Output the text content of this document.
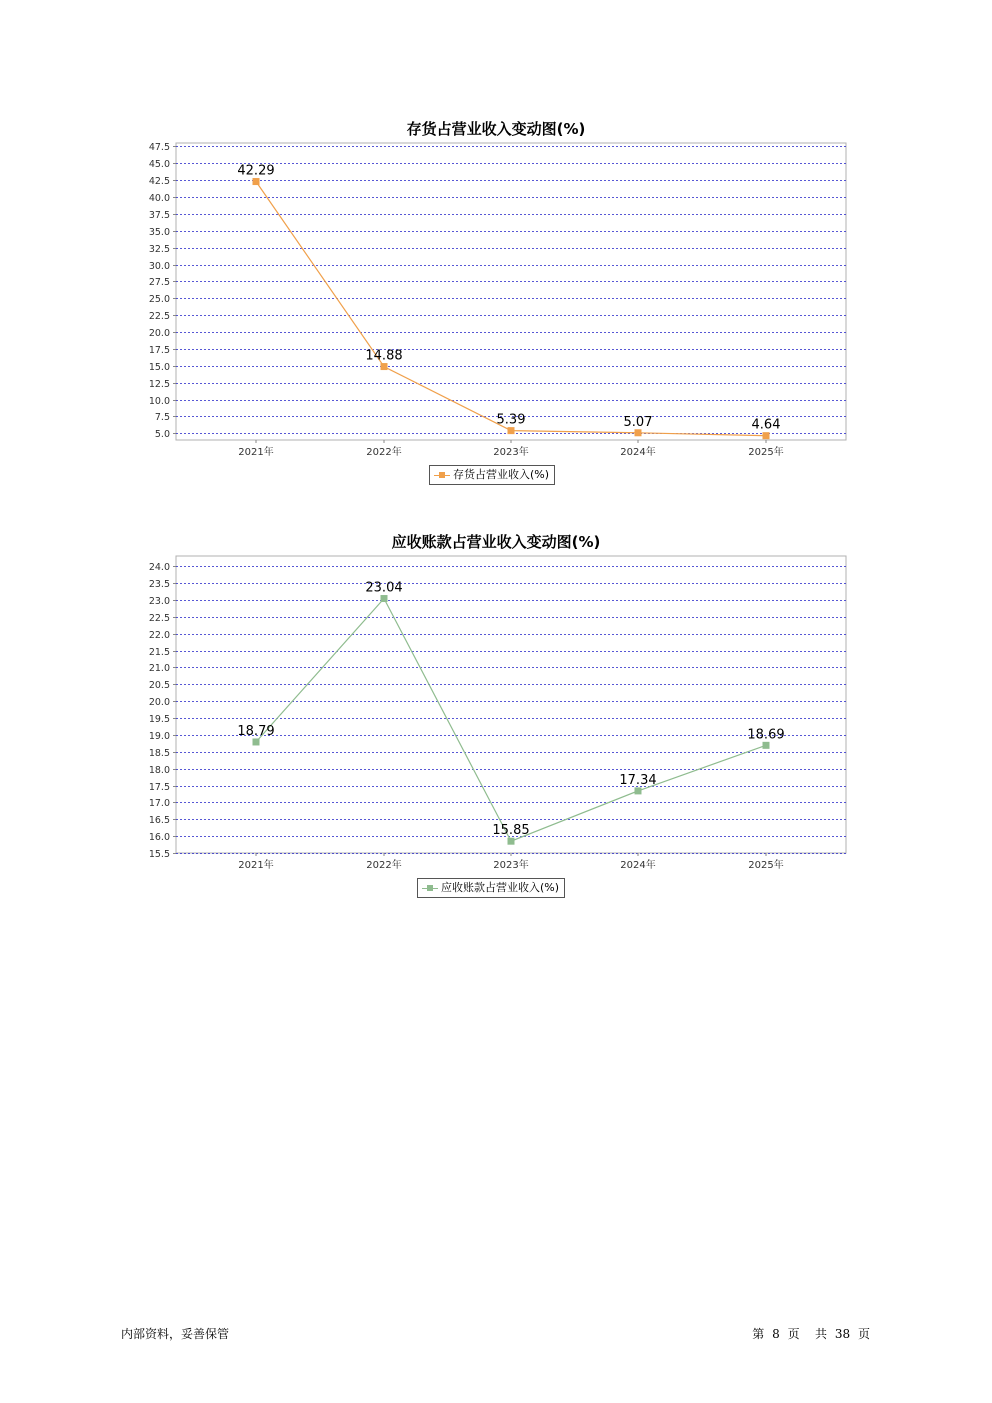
存货占营业收入变动图(%)
5.0
7.5
10.0
12.5
15.0
17.5
20.0
22.5
25.0
27.5
30.0
32.5
35.0
37.5
40.0
42.5
45.0
47.5
2021年	2022年	2023年	2024年	2025年
42.29
14.88
5.39	5.07	4.64
存货占营业收入(%)
应收账款占营业收入变动图(%)
15.5
16.0
16.5
17.0
17.5
18.0
18.5
19.0
19.5
20.0
20.5
21.0
21.5
22.0
22.5
23.0
23.5
24.0
2021年	2022年	2023年	2024年	2025年
18.79
23.04
15.85
17.34
18.69
应收账款占营业收入(%)
内部资料，妥善保管	第 8 页 共 38 页
